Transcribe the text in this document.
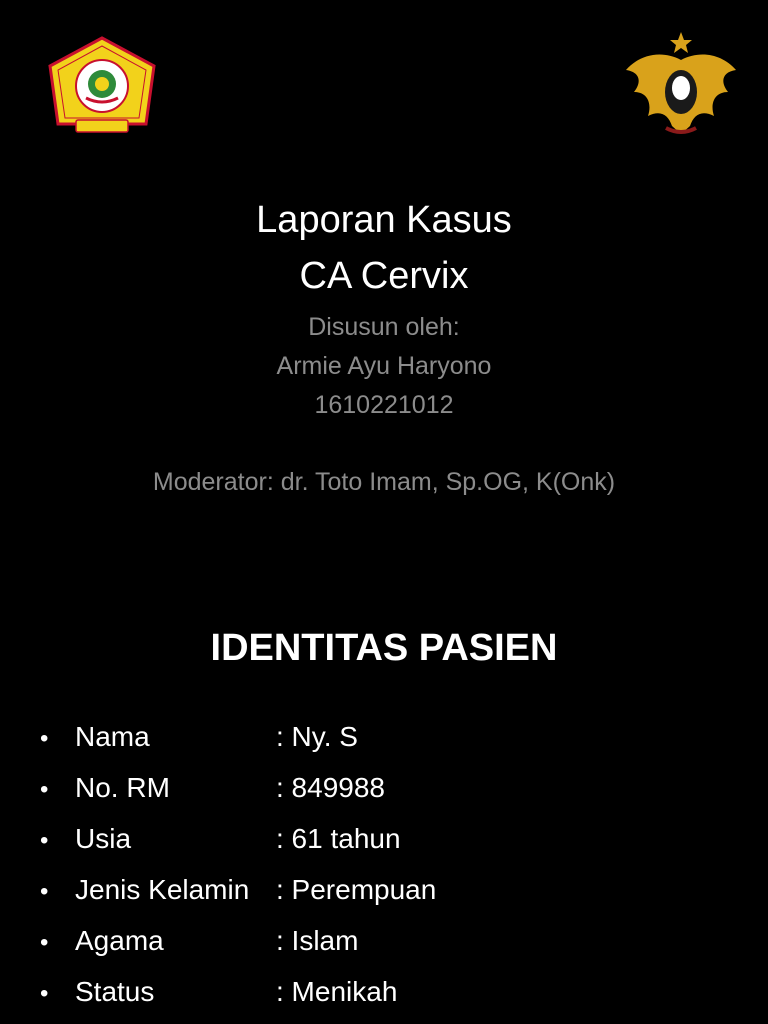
Laporan Kasus
CA Cervix
Disusun oleh:
Armie Ayu Haryono
1610221012
Moderator: dr. Toto Imam, Sp.OG, K(Onk)
IDENTITAS PASIEN
• Nama	: Ny. S
• No. RM	: 849988
• Usia	: 61 tahun
• Jenis Kelamin : Perempuan
• Agama	: Islam
• Status	: Menikah
